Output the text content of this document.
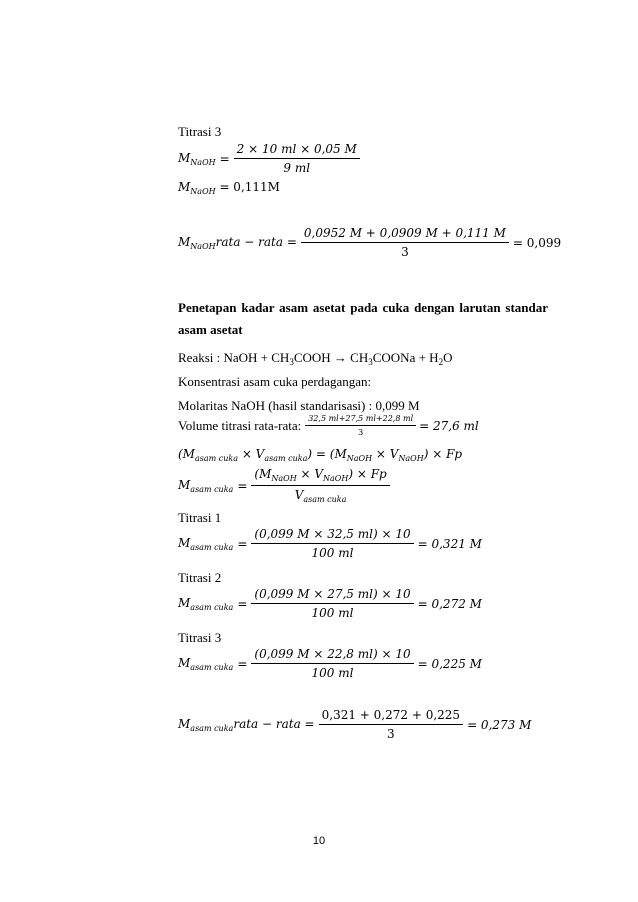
Titrasi 3
$M_{NaOH} = \frac{2 \times 10 ml \times 0,05 M}{9 ml}$
$M_{NaOH} = 0,111M$
$M_{NaOH}rata$ − rata = $\frac{0,0952 M + 0,0909 M + 0,111 M}{3} = 0,099$
Penetapan kadar asam asetat pada cuka dengan larutan standar
asam asetat
Reaksi : NaOH + $CH_3COOH$ → $CH_3COONa + H_2O$
Konsentrasi asam cuka perdagangan:
Molaritas NaOH (hasil standarisasi) : 0,099 M
Volume titrasi rata-rata: $\frac{32,5 ml+27,5 ml+22,8 ml}{3} = 27,6$ ml
$(M_{asam cuka} \times V_{asam cuka}) = (M_{NaOH} \times V_{NaOH}) \times Fp$
$M_{asam cuka} = \frac{(M_{NaOH} \times V_{NaOH}) \times Fp}{V_{asam cuka}}$
Titrasi 1
$M_{asam cuka} = \frac{(0,099 M \times 32,5 ml) \times 10}{100 ml} = 0,321$ M
Titrasi 2
$M_{asam cuka} = \frac{(0,099 M \times 27,5 ml) \times 10}{100 ml} = 0,272$ M
Titrasi 3
$M_{asam cuka} = \frac{(0,099 M \times 22,8 ml) \times 10}{100 ml} = 0,225$ M
$M_{asam cuka}rata$ − rata = $\frac{0,321 + 0,272 + 0,225}{3} = 0,273$ M
10
